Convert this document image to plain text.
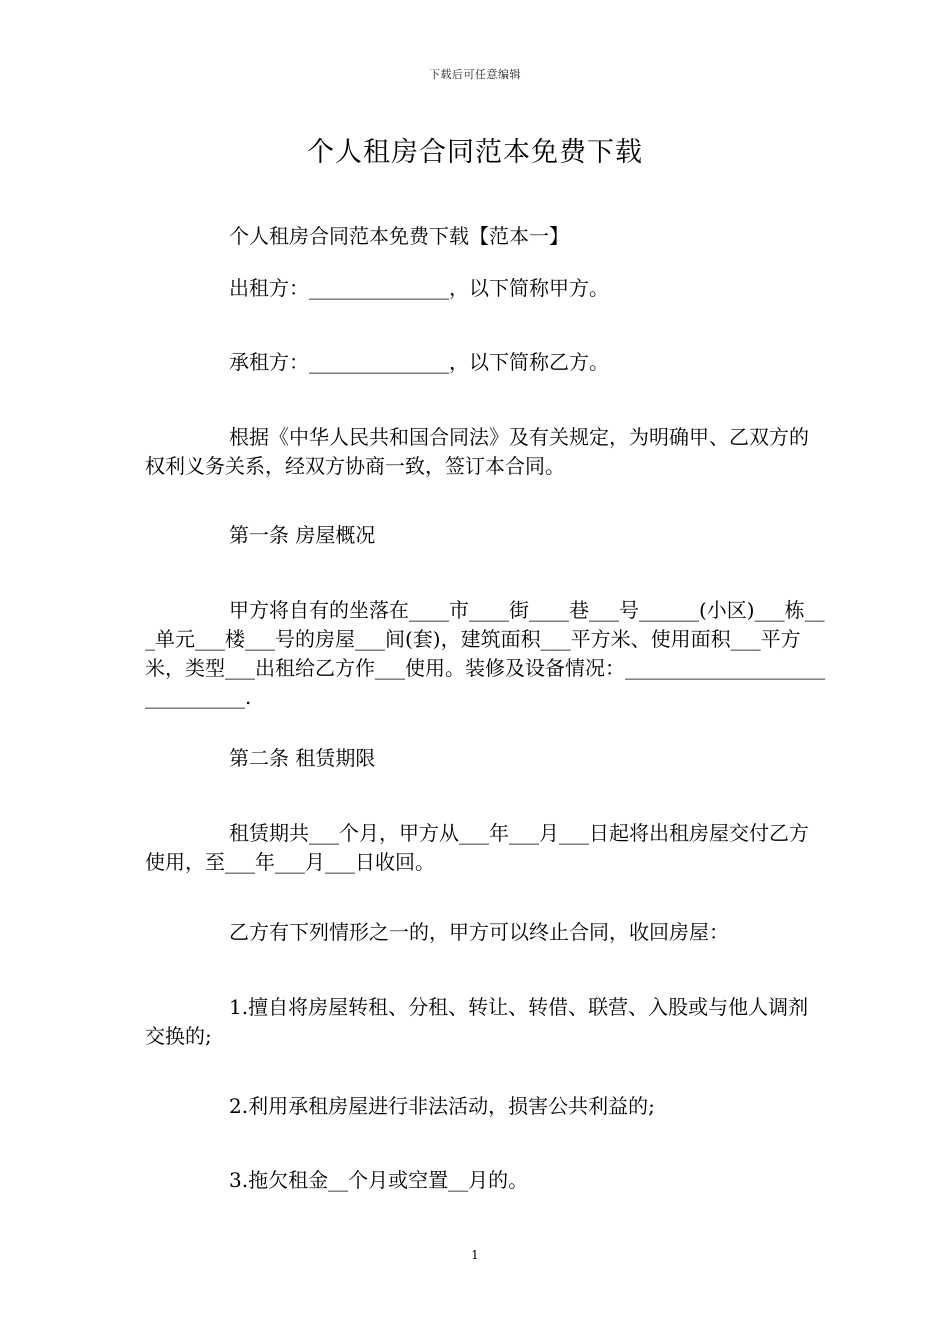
下载后可任意编辑
个人租房合同范本免费下载
个人租房合同范本免费下载【范本一】
出租方：______________，以下简称甲方。
承租方：______________，以下简称乙方。
根据《中华人民共和国合同法》及有关规定，为明确甲、乙双方的权利义务关系，经双方协商一致，签订本合同。
第一条 房屋概况
甲方将自有的坐落在____市____街____巷___号______(小区)___栋___单元___楼___号的房屋___间(套)，建筑面积___平方米、使用面积___平方米，类型___出租给乙方作___使用。装修及设备情况：______________________________.
第二条 租赁期限
租赁期共___个月，甲方从___年___月___日起将出租房屋交付乙方使用，至___年___月___日收回。
乙方有下列情形之一的，甲方可以终止合同，收回房屋：
1.擅自将房屋转租、分租、转让、转借、联营、入股或与他人调剂交换的;
2.利用承租房屋进行非法活动，损害公共利益的;
3.拖欠租金__个月或空置__月的。
1
